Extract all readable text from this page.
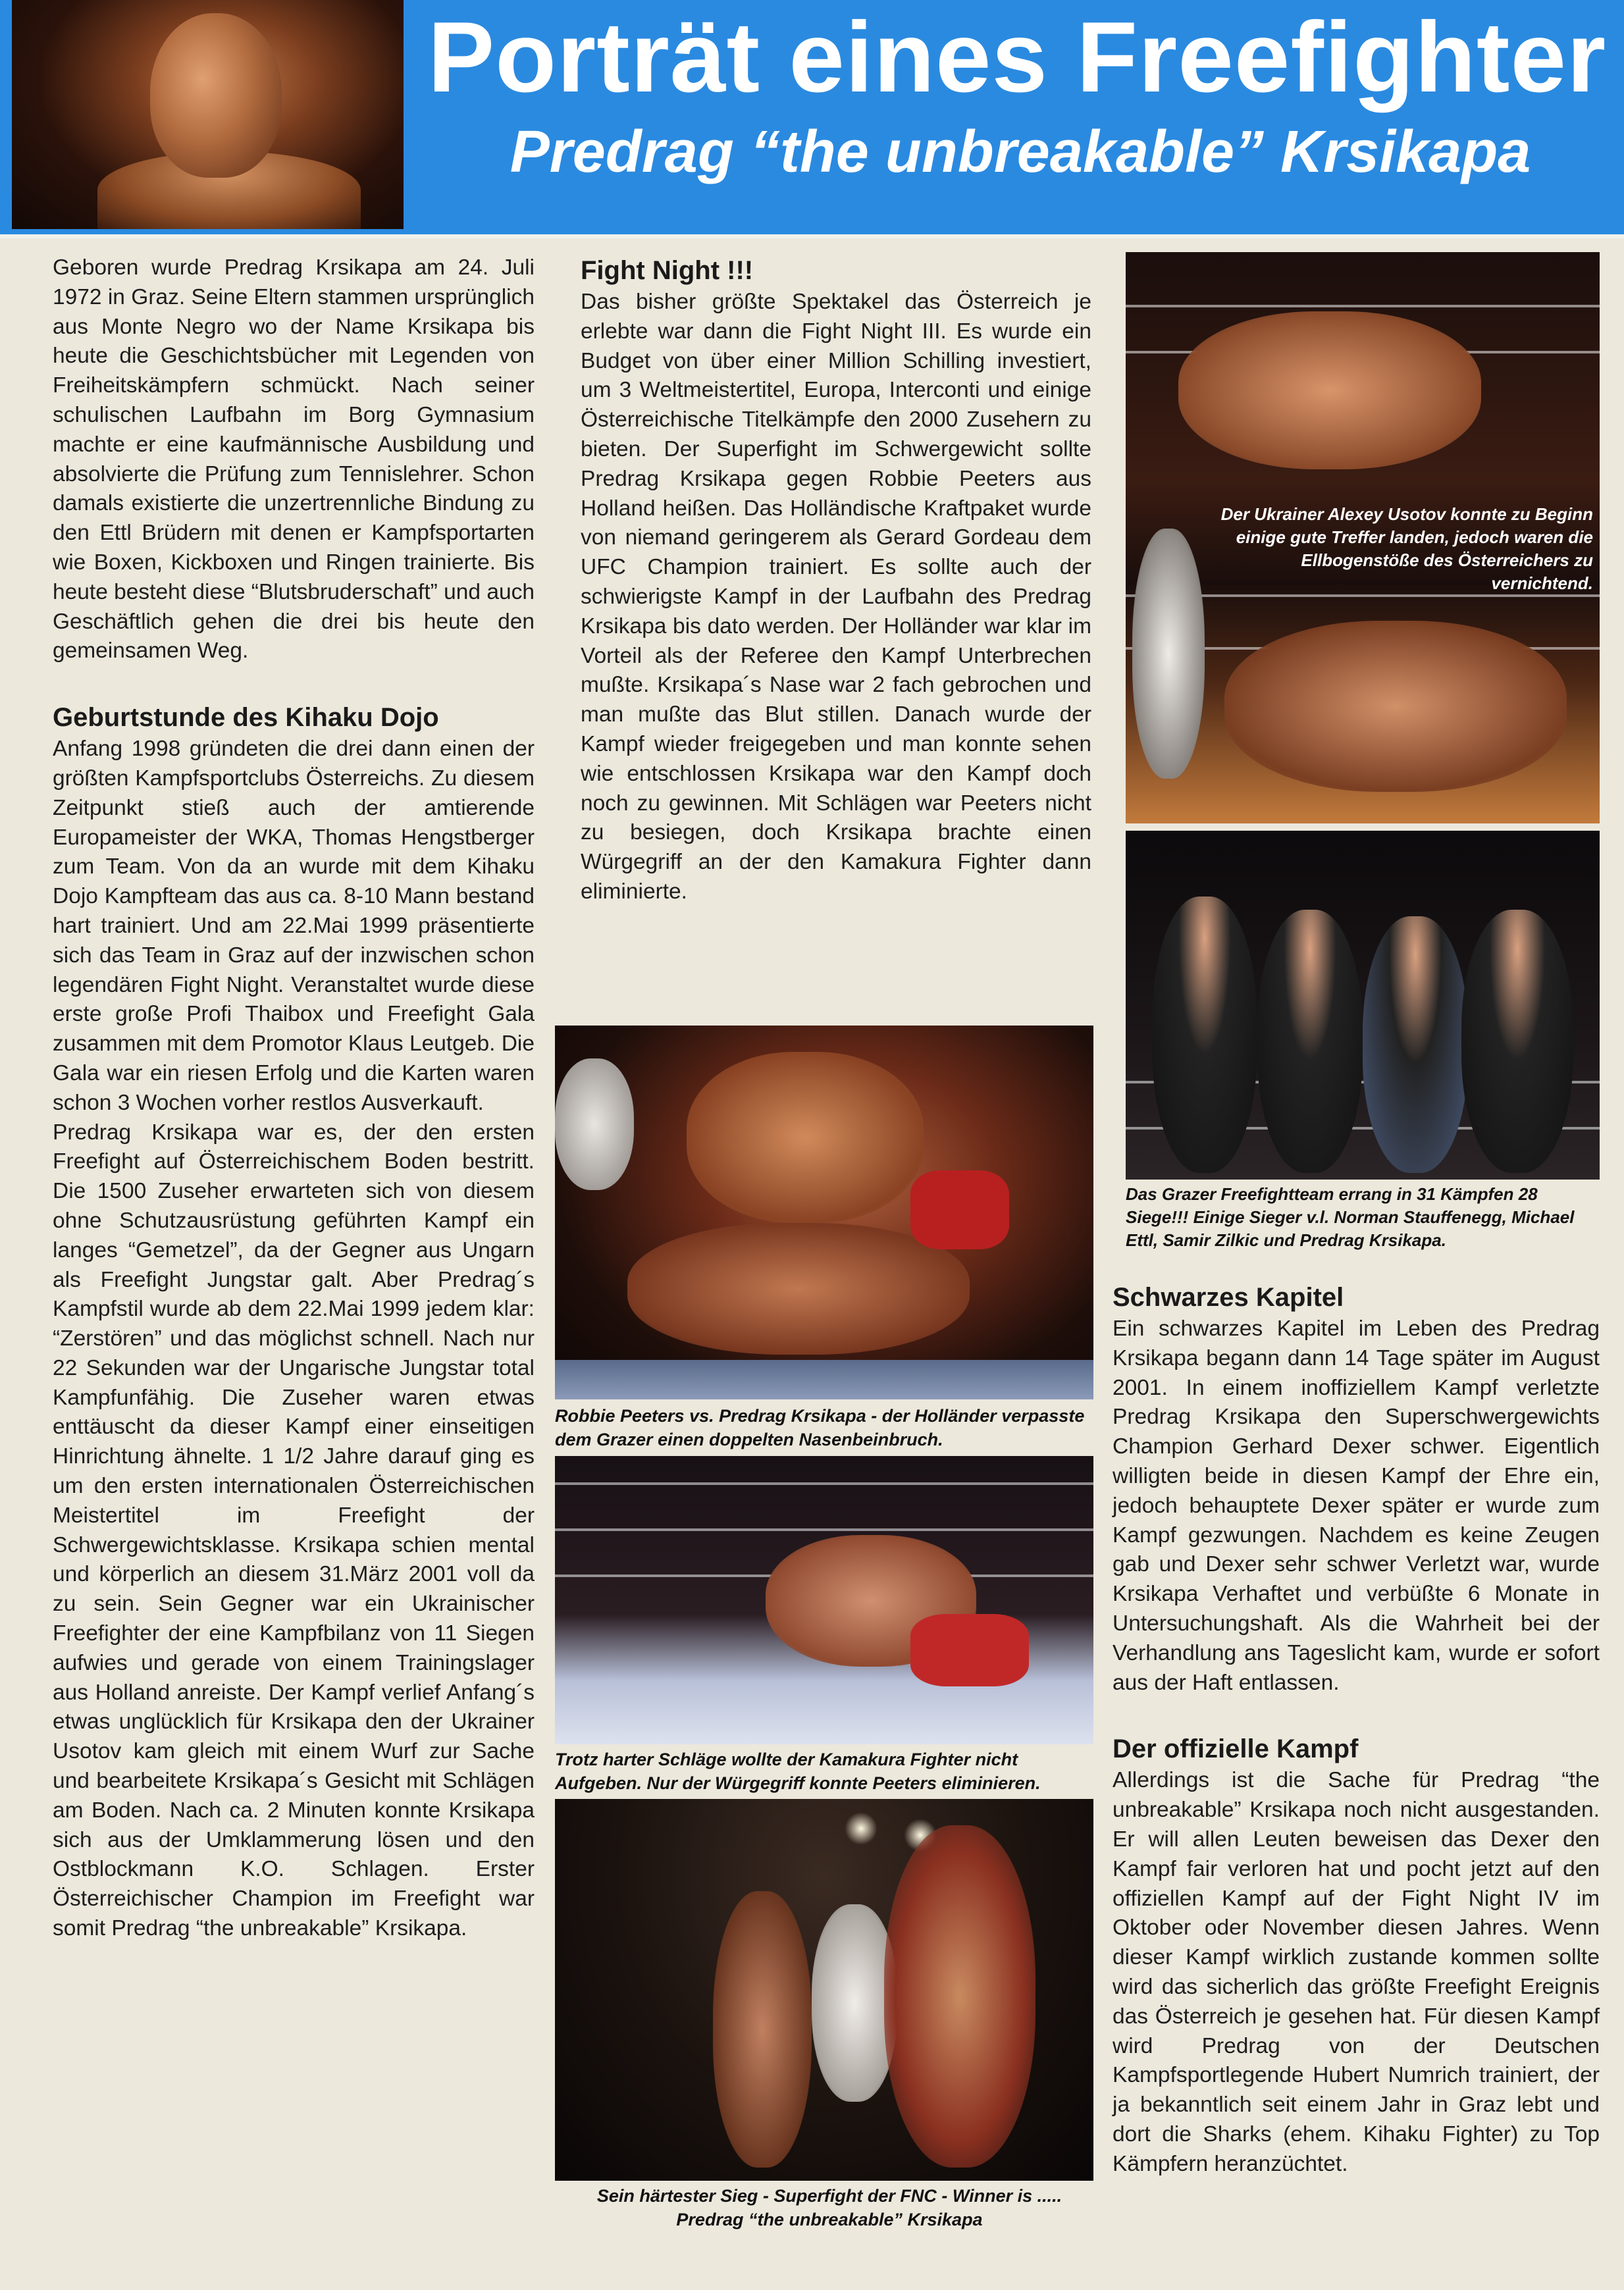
Porträt eines Freefighter
Predrag “the unbreakable” Krsikapa

Geboren wurde Predrag Krsikapa am 24. Juli 1972 in Graz. Seine Eltern stammen ursprünglich aus Monte Negro wo der Name Krsikapa bis heute die Geschichtsbücher mit Legenden von Freiheitskämpfern schmückt. Nach seiner schulischen Laufbahn im Borg Gymnasium machte er eine kaufmännische Ausbildung und absolvierte die Prüfung zum Tennislehrer. Schon damals existierte die unzertrennliche Bindung zu den Ettl Brüdern mit denen er Kampfsportarten wie Boxen, Kickboxen und Ringen trainierte. Bis heute besteht diese “Blutsbruderschaft” und auch Geschäftlich gehen die drei bis heute den gemeinsamen Weg.

Geburtstunde des Kihaku Dojo

Anfang 1998 gründeten die drei dann einen der größten Kampfsportclubs Österreichs. Zu diesem Zeitpunkt stieß auch der amtierende Europameister der WKA, Thomas Hengstberger zum Team. Von da an wurde mit dem Kihaku Dojo Kampfteam das aus ca. 8-10 Mann bestand hart trainiert. Und am 22.Mai 1999 präsentierte sich das Team in Graz auf der inzwischen schon legendären Fight Night. Veranstaltet wurde diese erste große Profi Thaibox und Freefight Gala zusammen mit dem Promotor Klaus Leutgeb. Die Gala war ein riesen Erfolg und die Karten waren schon 3 Wochen vorher restlos Ausverkauft.

Predrag Krsikapa war es, der den ersten Freefight auf Österreichischem Boden bestritt. Die 1500 Zuseher erwarteten sich von diesem ohne Schutzausrüstung geführten Kampf ein langes “Gemetzel”, da der Gegner aus Ungarn als Freefight Jungstar galt. Aber Predrag´s Kampfstil wurde ab dem 22.Mai 1999 jedem klar: “Zerstören” und das möglichst schnell. Nach nur 22 Sekunden war der Ungarische Jungstar total Kampfunfähig. Die Zuseher waren etwas enttäuscht da dieser Kampf einer einseitigen Hinrichtung ähnelte. 1 1/2 Jahre darauf ging es um den ersten internationalen Österreichischen Meistertitel im Freefight der Schwergewichtsklasse. Krsikapa schien mental und körperlich an diesem 31.März 2001 voll da zu sein. Sein Gegner war ein Ukrainischer Freefighter der eine Kampfbilanz von 11 Siegen aufwies und gerade von einem Trainingslager aus Holland anreiste. Der Kampf verlief Anfang´s etwas unglücklich für Krsikapa den der Ukrainer Usotov kam gleich mit einem Wurf zur Sache und bearbeitete Krsikapa´s Gesicht mit Schlägen am Boden. Nach ca. 2 Minuten konnte Krsikapa sich aus der Umklammerung lösen und den Ostblockmann K.O. Schlagen. Erster Österreichischer Champion im Freefight war somit Predrag “the unbreakable” Krsikapa.

Fight Night !!!

Das bisher größte Spektakel das Österreich je erlebte war dann die Fight Night III. Es wurde ein Budget von über einer Million Schilling investiert, um 3 Weltmeistertitel, Europa, Interconti und einige Österreichische Titelkämpfe den 2000 Zusehern zu bieten. Der Superfight im Schwergewicht sollte Predrag Krsikapa gegen Robbie Peeters aus Holland heißen. Das Holländische Kraftpaket wurde von niemand geringerem als Gerard Gordeau dem UFC Champion trainiert. Es sollte auch der schwierigste Kampf in der Laufbahn des Predrag Krsikapa bis dato werden. Der Holländer war klar im Vorteil als der Referee den Kampf Unterbrechen mußte. Krsikapa´s Nase war 2 fach gebrochen und man mußte das Blut stillen. Danach wurde der Kampf wieder freigegeben und man konnte sehen wie entschlossen Krsikapa war den Kampf doch noch zu gewinnen. Mit Schlägen war Peeters nicht zu besiegen, doch Krsikapa brachte einen Würgegriff an der den Kamakura Fighter dann eliminierte.

Robbie Peeters vs. Predrag Krsikapa - der Holländer verpasste dem Grazer einen doppelten Nasenbeinbruch.
Trotz harter Schläge wollte der Kamakura Fighter nicht Aufgeben. Nur der Würgegriff konnte Peeters eliminieren.
Sein härtester Sieg - Superfight der FNC - Winner is ..... Predrag “the unbreakable” Krsikapa
Der Ukrainer Alexey Usotov konnte zu Beginn einige gute Treffer landen, jedoch waren die Ellbogenstöße des Österreichers zu vernichtend.
Das Grazer Freefightteam errang in 31 Kämpfen 28 Siege!!! Einige Sieger v.l. Norman Stauffenegg, Michael Ettl, Samir Zilkic und Predrag Krsikapa.
Schwarzes Kapitel

Ein schwarzes Kapitel im Leben des Predrag Krsikapa begann dann 14 Tage später im August 2001. In einem inoffiziellem Kampf verletzte Predrag Krsikapa den Superschwergewichts Champion Gerhard Dexer schwer. Eigentlich willigten beide in diesen Kampf der Ehre ein, jedoch behauptete Dexer später er wurde zum Kampf gezwungen. Nachdem es keine Zeugen gab und Dexer sehr schwer Verletzt war, wurde Krsikapa Verhaftet und verbüßte 6 Monate in Untersuchungshaft. Als die Wahrheit bei der Verhandlung ans Tageslicht kam, wurde er sofort aus der Haft entlassen.

Der offizielle Kampf

Allerdings ist die Sache für Predrag “the unbreakable” Krsikapa noch nicht ausgestanden. Er will allen Leuten beweisen das Dexer den Kampf fair verloren hat und pocht jetzt auf den offiziellen Kampf auf der Fight Night IV im Oktober oder November diesen Jahres. Wenn dieser Kampf wirklich zustande kommen sollte wird das sicherlich das größte Freefight Ereignis das Österreich je gesehen hat. Für diesen Kampf wird Predrag von der Deutschen Kampfsportlegende Hubert Numrich trainiert, der ja bekanntlich seit einem Jahr in Graz lebt und dort die Sharks (ehem. Kihaku Fighter) zu Top Kämpfern heranzüchtet.
